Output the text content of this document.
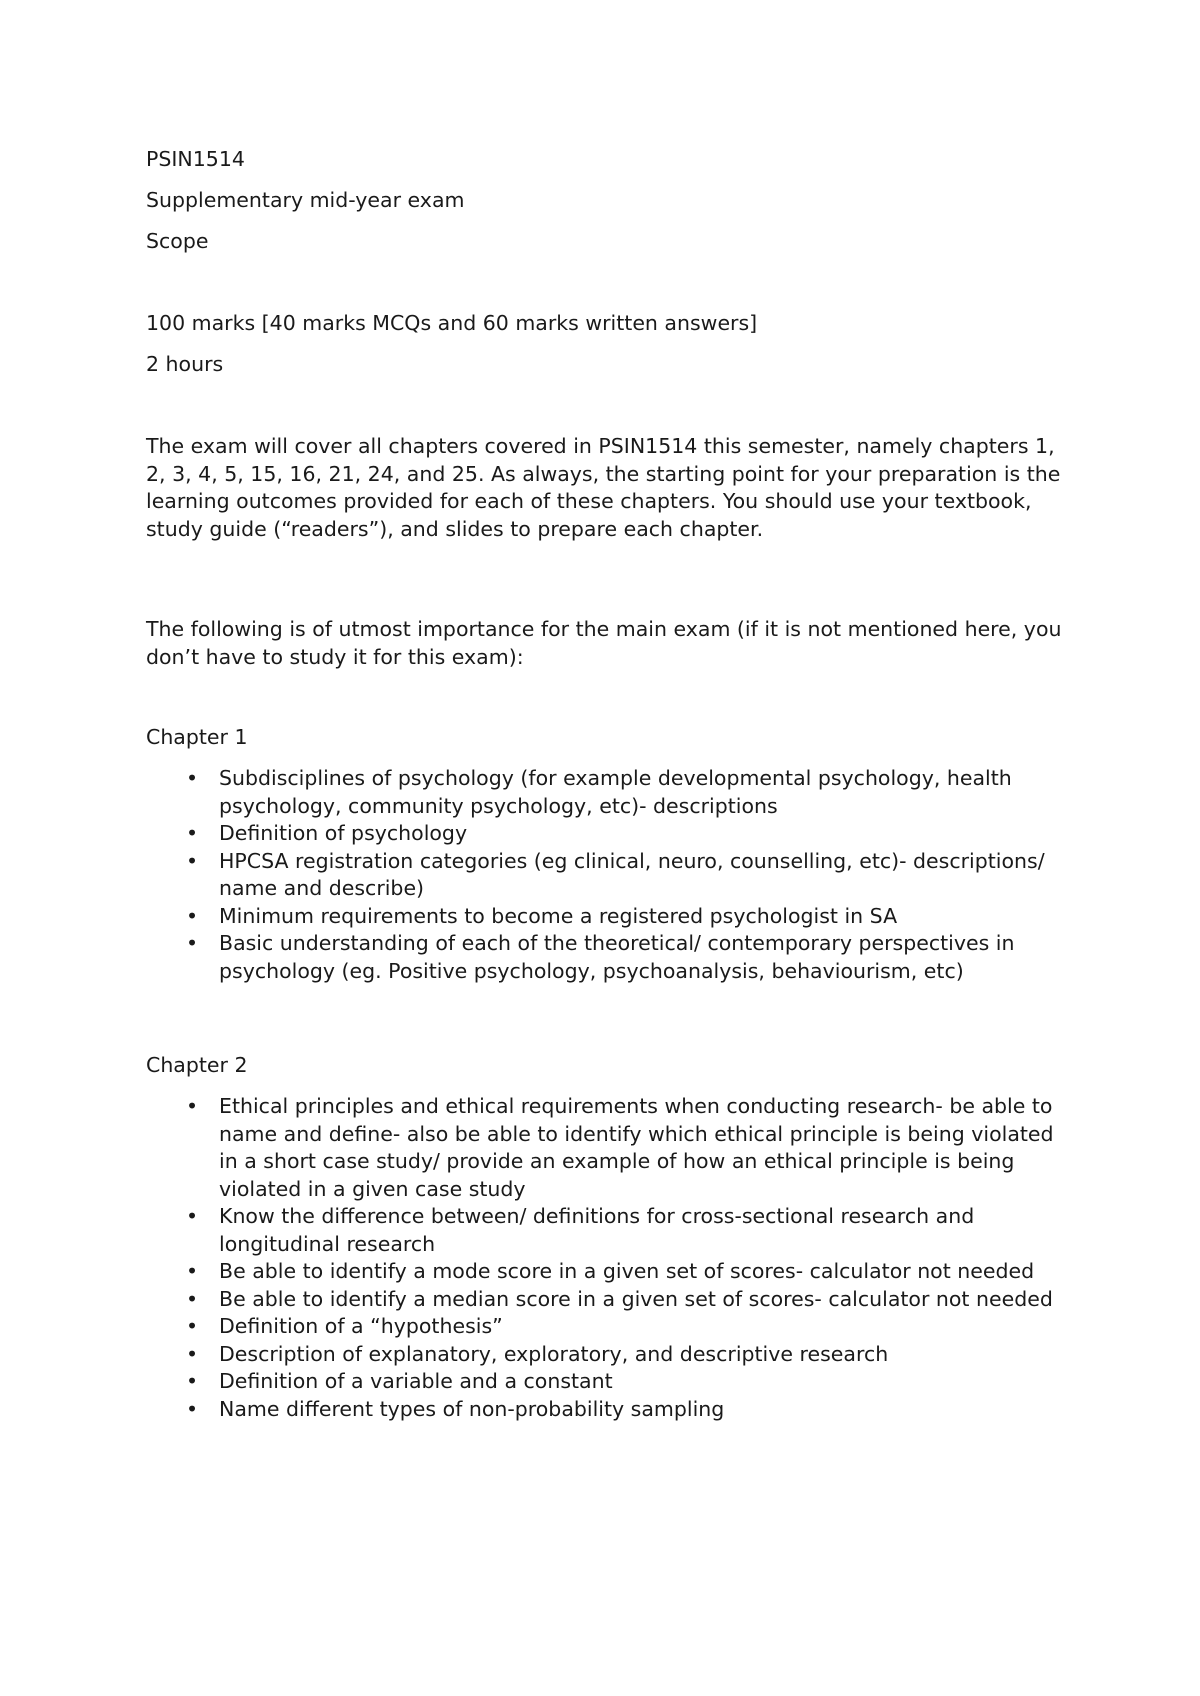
PSIN1514

Supplementary mid-year exam

Scope

100 marks [40 marks MCQs and 60 marks written answers]

2 hours

The exam will cover all chapters covered in PSIN1514 this semester, namely chapters 1, 2, 3, 4, 5, 15, 16, 21, 24, and 25. As always, the starting point for your preparation is the learning outcomes provided for each of these chapters. You should use your textbook, study guide (“readers”), and slides to prepare each chapter.

The following is of utmost importance for the main exam (if it is not mentioned here, you don’t have to study it for this exam):

Chapter 1

• Subdisciplines of psychology (for example developmental psychology, health psychology, community psychology, etc)- descriptions
• Definition of psychology
• HPCSA registration categories (eg clinical, neuro, counselling, etc)- descriptions/ name and describe)
• Minimum requirements to become a registered psychologist in SA
• Basic understanding of each of the theoretical/ contemporary perspectives in psychology (eg. Positive psychology, psychoanalysis, behaviourism, etc)

Chapter 2

• Ethical principles and ethical requirements when conducting research- be able to name and define- also be able to identify which ethical principle is being violated in a short case study/ provide an example of how an ethical principle is being violated in a given case study
• Know the difference between/ definitions for cross-sectional research and longitudinal research
• Be able to identify a mode score in a given set of scores- calculator not needed
• Be able to identify a median score in a given set of scores- calculator not needed
• Definition of a “hypothesis”
• Description of explanatory, exploratory, and descriptive research
• Definition of a variable and a constant
• Name different types of non-probability sampling
